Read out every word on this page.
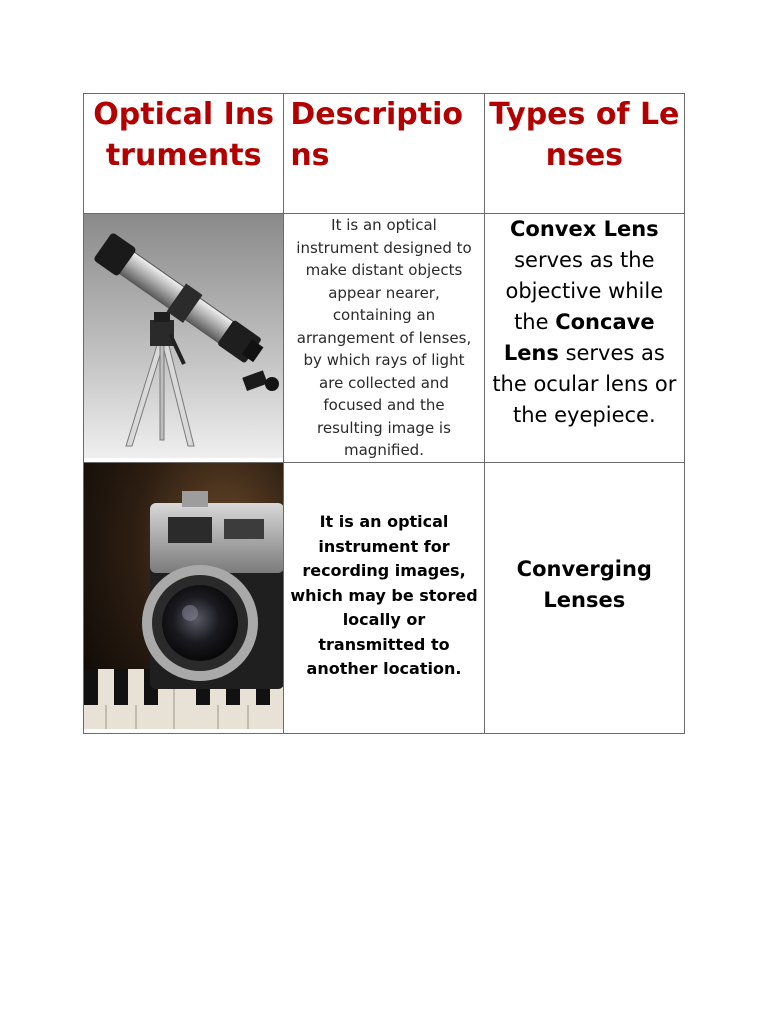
Optical Instruments	Descriptions	Types of Lenses

It is an optical instrument designed to make distant objects appear nearer, containing an arrangement of lenses, by which rays of light are collected and focused and the resulting image is magnified.	Convex Lens serves as the objective while the Concave Lens serves as the ocular lens or the eyepiece.

It is an optical instrument for recording images, which may be stored locally or transmitted to another location.	Converging Lenses
